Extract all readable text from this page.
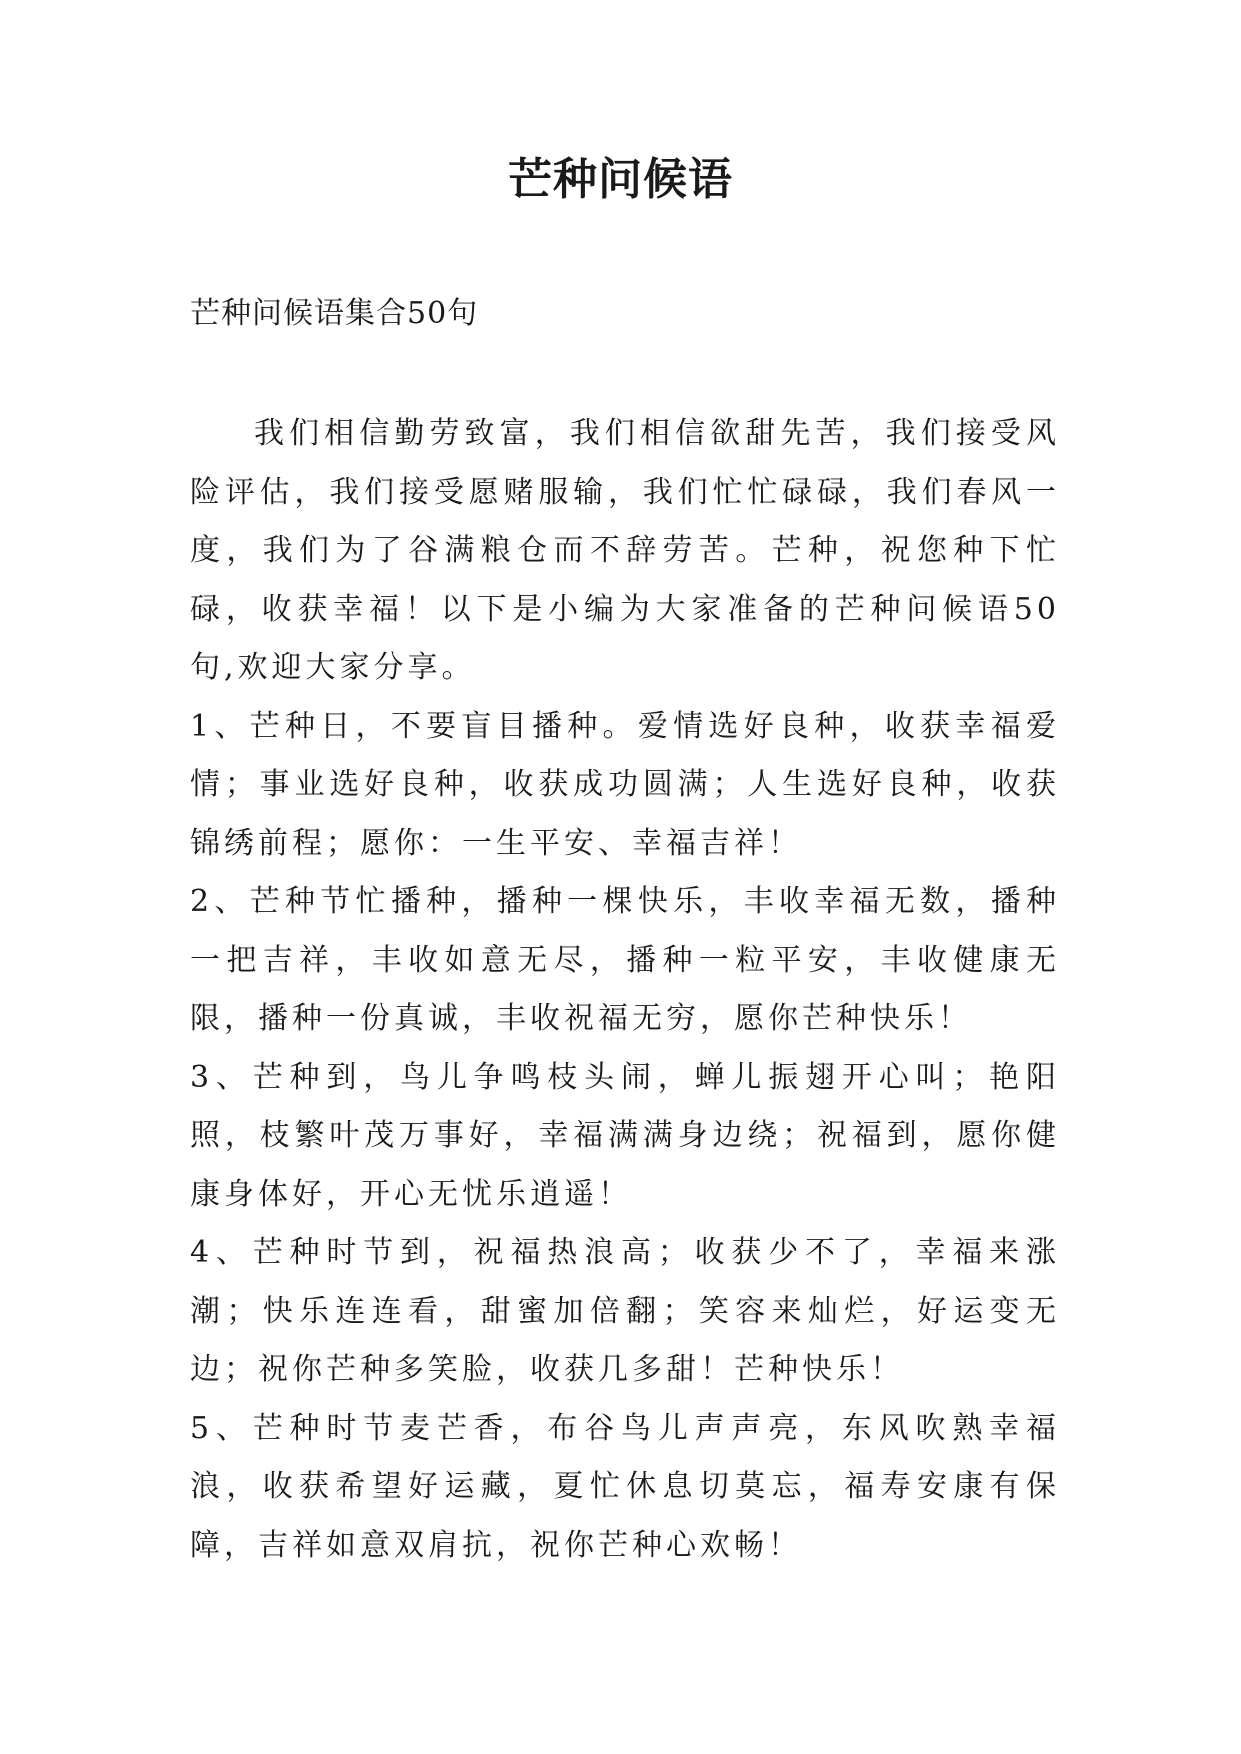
芒种问候语
芒种问候语集合50句

我们相信勤劳致富，我们相信欲甜先苦，我们接受风险评估，我们接受愿赌服输，我们忙忙碌碌，我们春风一度，我们为了谷满粮仓而不辞劳苦。芒种，祝您种下忙碌，收获幸福！以下是小编为大家准备的芒种问候语50句,欢迎大家分享。

1、芒种日，不要盲目播种。爱情选好良种，收获幸福爱情；事业选好良种，收获成功圆满；人生选好良种，收获锦绣前程；愿你：一生平安、幸福吉祥！

2、芒种节忙播种，播种一棵快乐，丰收幸福无数，播种一把吉祥，丰收如意无尽，播种一粒平安，丰收健康无限，播种一份真诚，丰收祝福无穷，愿你芒种快乐！

3、芒种到，鸟儿争鸣枝头闹，蝉儿振翅开心叫；艳阳照，枝繁叶茂万事好，幸福满满身边绕；祝福到，愿你健康身体好，开心无忧乐逍遥！

4、芒种时节到，祝福热浪高；收获少不了，幸福来涨潮；快乐连连看，甜蜜加倍翻；笑容来灿烂，好运变无边；祝你芒种多笑脸，收获几多甜！芒种快乐！

5、芒种时节麦芒香，布谷鸟儿声声亮，东风吹熟幸福浪，收获希望好运藏，夏忙休息切莫忘，福寿安康有保障，吉祥如意双肩抗，祝你芒种心欢畅！
